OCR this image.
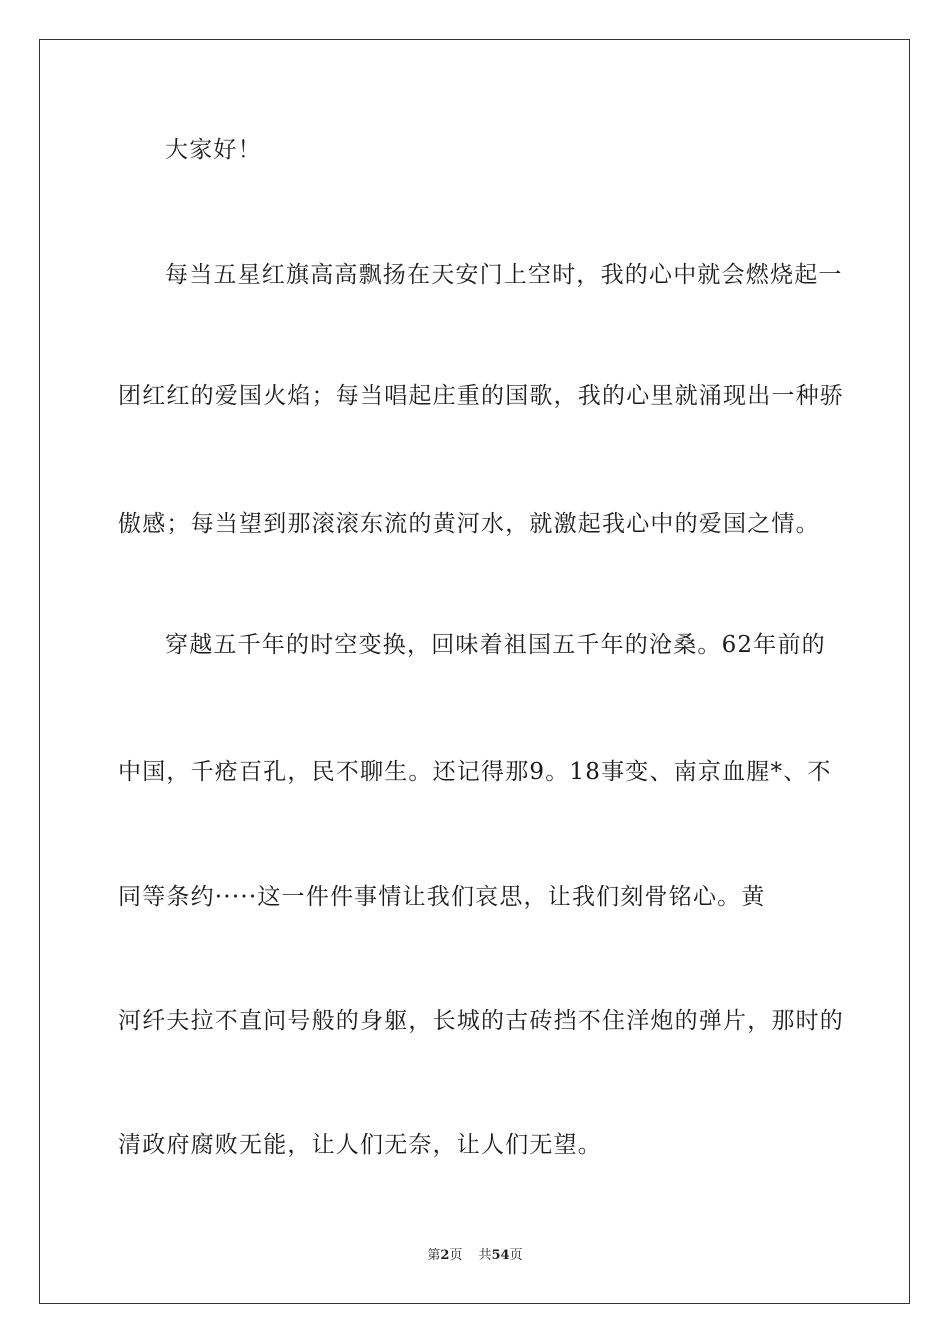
大家好！
每当五星红旗高高飘扬在天安门上空时，我的心中就会燃烧起一
团红红的爱国火焰；每当唱起庄重的国歌，我的心里就涌现出一种骄
傲感；每当望到那滚滚东流的黄河水，就激起我心中的爱国之情。
穿越五千年的时空变换，回味着祖国五千年的沧桑。62年前的
中国，千疮百孔，民不聊生。还记得那9。18事变、南京血腥*、不
同等条约·····这一件件事情让我们哀思，让我们刻骨铭心。黄
河纤夫拉不直问号般的身躯，长城的古砖挡不住洋炮的弹片，那时的
清政府腐败无能，让人们无奈，让人们无望。
第2页 共54页
